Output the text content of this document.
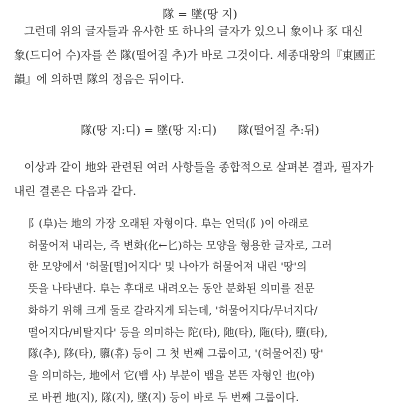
隊 = 墜(땅 지)
그런데 위의 글자들과 유사한 또 하나의 글자가 있으니 象이나 豕 대신
象(드디어 수)자를 쓴 隊(떨어질 추)가 바로 그것이다. 세종대왕의『東國正
韻』에 의하면 隊의 정음은 뒤이다.
隊(땅 지:디) = 墜(땅 지:디)      隊(떨어질 추:뒤)
이상과 같이 地와 관련된 여러 사항들을 종합적으로 살펴본 결과, 필자가
내린 결론은 다음과 같다.
阝(阜)는 地의 가장 오래된 자형이다. 阜는 언덕(阝)이 아래로
허물어져 내리는, 즉 변화(化←匕)하는 모양을 형용한 글자로, 그러
한 모양에서 '허물[떨]어지다' 및 나아가 허물어져 내린 '땅'의
뜻을 나타낸다. 阜는 후대로 내려오는 동안 분화된 의미를 전문
화하기 위해 크게 둘로 갈라지게 되는데, '허물어지다/무너지다/
떨어지다/비탈지다' 등을 의미하는 陀(타), 阤(타), 陁(타), 墮(타),
隊(추), 陊(타), 隳(휴) 등이 그 첫 번째 그룹이고, '(허물어진) 땅'
을 의미하는, 地에서 它(뱀 사) 부분이 뱀을 본뜬 자형인 也(야)
로 바뀐 地(지), 隊(지), 墜(지) 등이 바로 두 번째 그룹이다.
